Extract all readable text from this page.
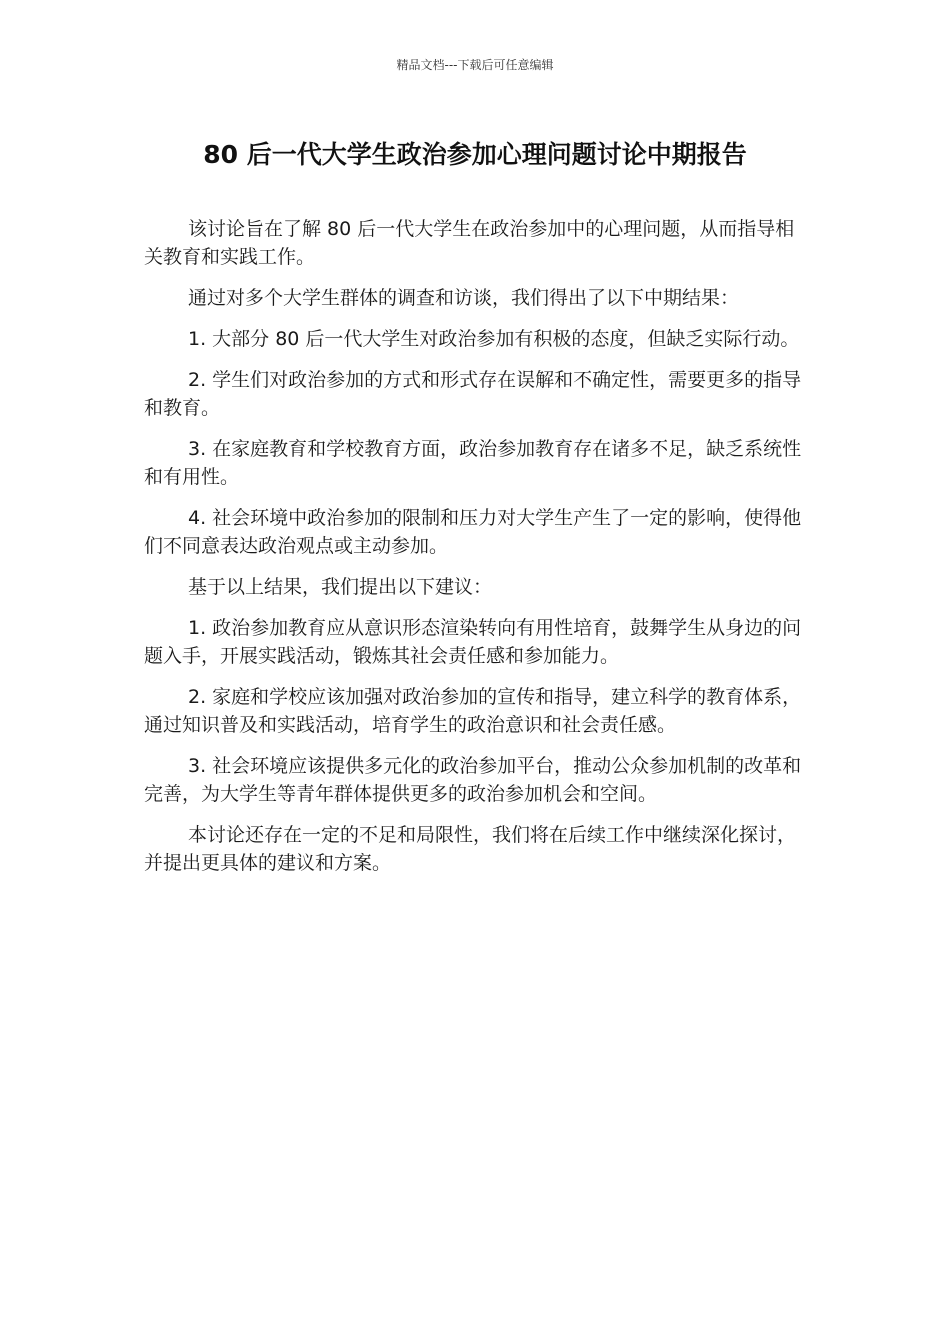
精品文档---下载后可任意编辑
80 后一代大学生政治参加心理问题讨论中期报告

该讨论旨在了解 80 后一代大学生在政治参加中的心理问题，从而指导相关教育和实践工作。

通过对多个大学生群体的调查和访谈，我们得出了以下中期结果：

1. 大部分 80 后一代大学生对政治参加有积极的态度，但缺乏实际行动。

2. 学生们对政治参加的方式和形式存在误解和不确定性，需要更多的指导和教育。

3. 在家庭教育和学校教育方面，政治参加教育存在诸多不足，缺乏系统性和有用性。

4. 社会环境中政治参加的限制和压力对大学生产生了一定的影响，使得他们不同意表达政治观点或主动参加。

基于以上结果，我们提出以下建议：

1. 政治参加教育应从意识形态渲染转向有用性培育，鼓舞学生从身边的问题入手，开展实践活动，锻炼其社会责任感和参加能力。

2. 家庭和学校应该加强对政治参加的宣传和指导，建立科学的教育体系，通过知识普及和实践活动，培育学生的政治意识和社会责任感。

3. 社会环境应该提供多元化的政治参加平台，推动公众参加机制的改革和完善，为大学生等青年群体提供更多的政治参加机会和空间。

本讨论还存在一定的不足和局限性，我们将在后续工作中继续深化探讨，并提出更具体的建议和方案。
